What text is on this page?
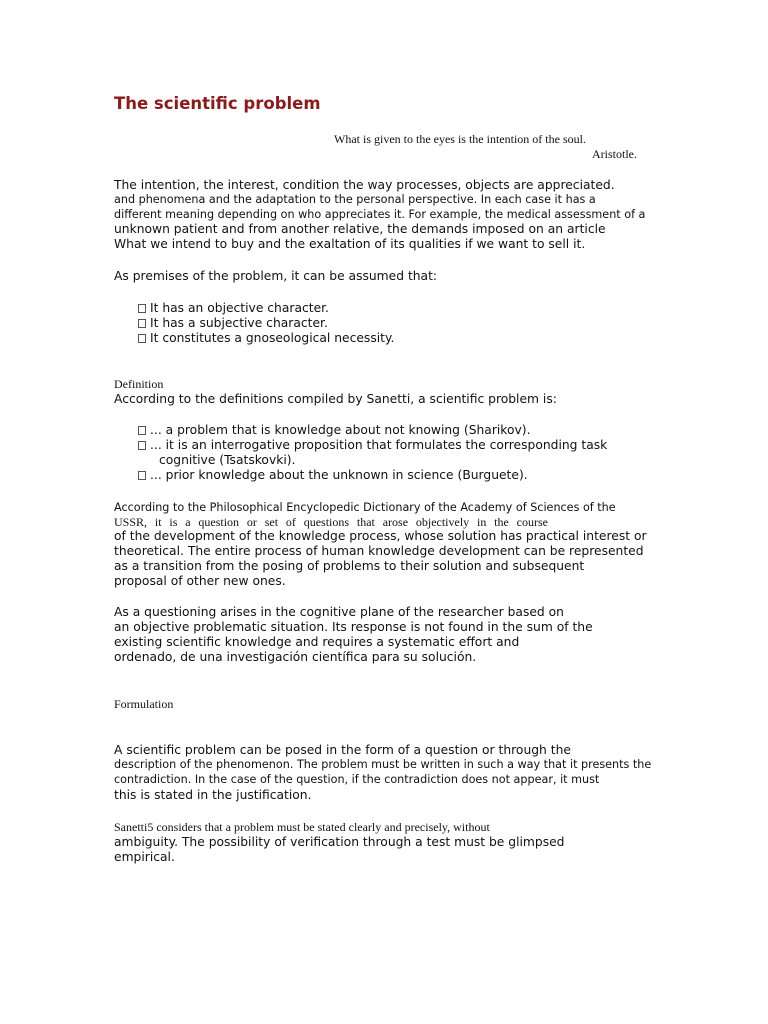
The scientific problem

What is given to the eyes is the intention of the soul.

Aristotle.

The intention, the interest, condition the way processes, objects are appreciated.

and phenomena and the adaptation to the personal perspective. In each case it has a

different meaning depending on who appreciates it. For example, the medical assessment of a

unknown patient and from another relative, the demands imposed on an article

What we intend to buy and the exaltation of its qualities if we want to sell it.

As premises of the problem, it can be assumed that:

It has an objective character.

It has a subjective character.

It constitutes a gnoseological necessity.

Definition

According to the definitions compiled by Sanetti, a scientific problem is:

... a problem that is knowledge about not knowing (Sharikov).

... it is an interrogative proposition that formulates the corresponding task

cognitive (Tsatskovki).

... prior knowledge about the unknown in science (Burguete).

According to the Philosophical Encyclopedic Dictionary of the Academy of Sciences of the

USSR, it is a question or set of questions that arose objectively in the course

of the development of the knowledge process, whose solution has practical interest or

theoretical. The entire process of human knowledge development can be represented

as a transition from the posing of problems to their solution and subsequent

proposal of other new ones.

As a questioning arises in the cognitive plane of the researcher based on

an objective problematic situation. Its response is not found in the sum of the

existing scientific knowledge and requires a systematic effort and

ordenado, de una investigación científica para su solución.

Formulation

A scientific problem can be posed in the form of a question or through the

description of the phenomenon. The problem must be written in such a way that it presents the

contradiction. In the case of the question, if the contradiction does not appear, it must

this is stated in the justification.

Sanetti5 considers that a problem must be stated clearly and precisely, without

ambiguity. The possibility of verification through a test must be glimpsed

empirical.
